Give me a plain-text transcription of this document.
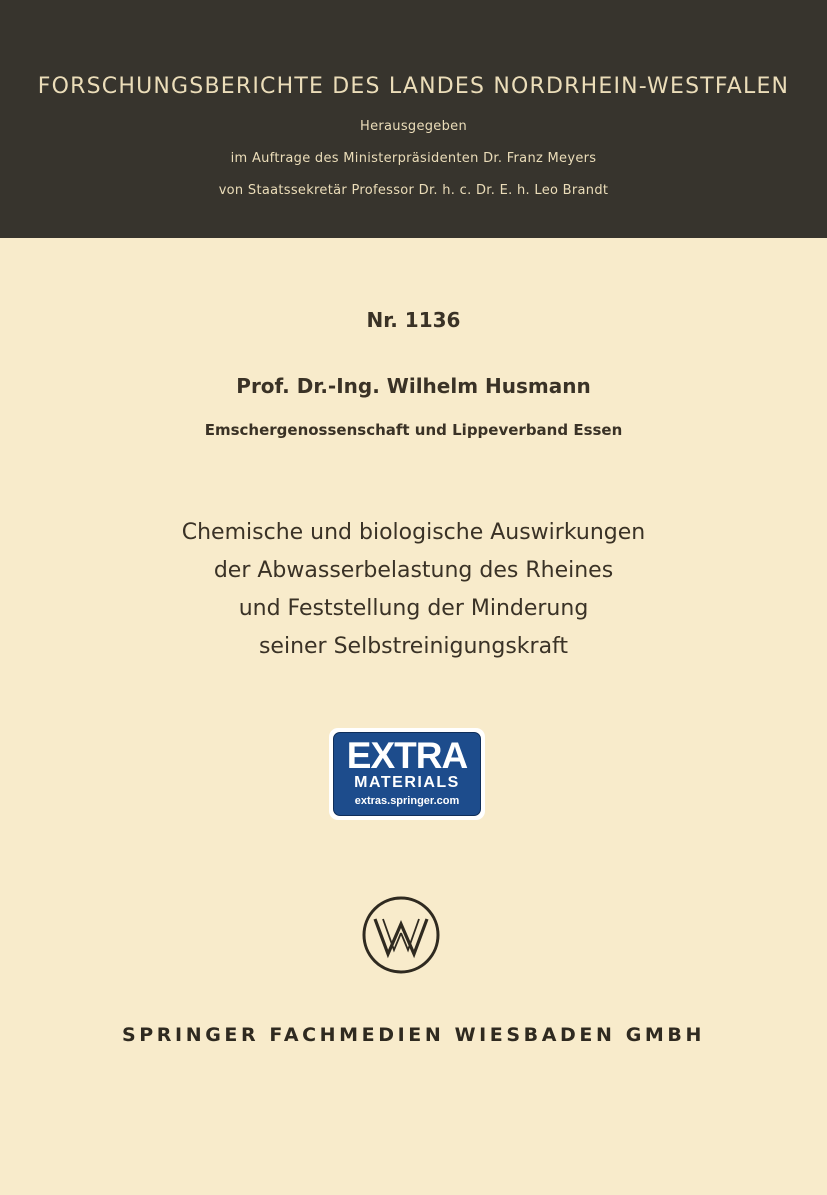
FORSCHUNGSBERICHTE DES LANDES NORDRHEIN-WESTFALEN
Herausgegeben
im Auftrage des Ministerpräsidenten Dr. Franz Meyers
von Staatssekretär Professor Dr. h. c. Dr. E. h. Leo Brandt
Nr. 1136
Prof. Dr.-Ing. Wilhelm Husmann
Emschergenossenschaft und Lippeverband Essen
Chemische und biologische Auswirkungen
der Abwasserbelastung des Rheines
und Feststellung der Minderung
seiner Selbstreinigungskraft
EXTRA
MATERIALS
extras.springer.com
SPRINGER FACHMEDIEN WIESBADEN GMBH
